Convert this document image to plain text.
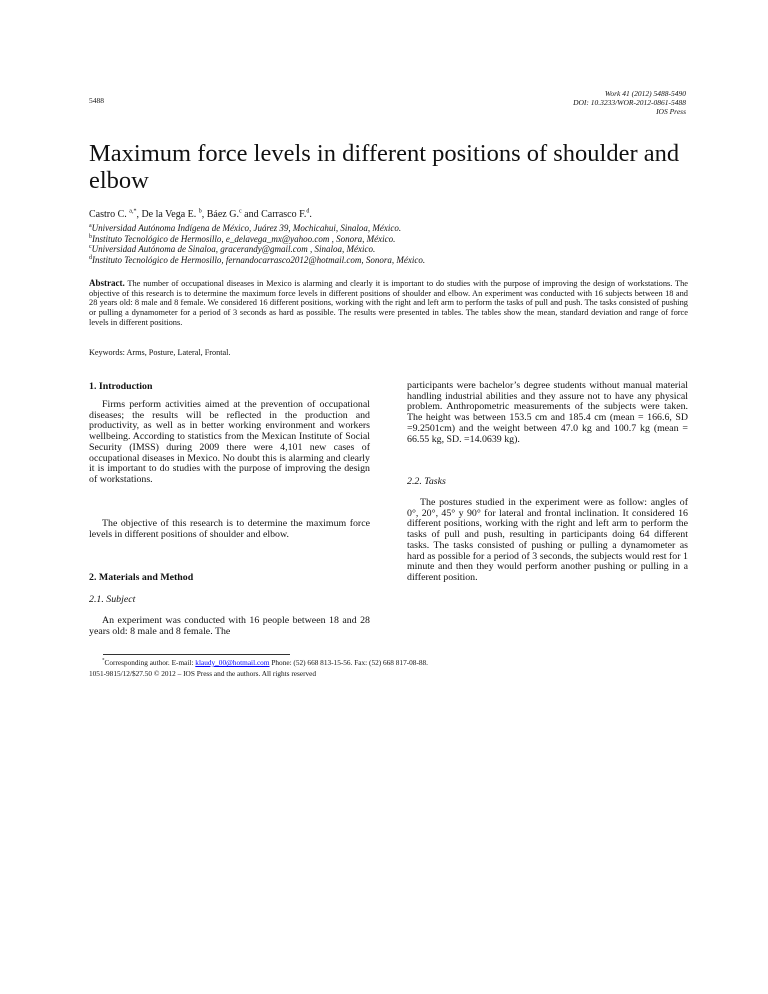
5488
Work 41 (2012) 5488-5490
DOI: 10.3233/WOR-2012-0861-5488
IOS Press
Maximum force levels in different positions of shoulder and elbow
Castro C. $^{a,*}$, De la Vega E. $^b$, Báez G.$^c$ and Carrasco F.$^d$.
$^a$Universidad Autónoma Indígena de México, Juárez 39, Mochicahui, Sinaloa, México.
$^b$Instituto Tecnológico de Hermosillo, e_delavega_mx@yahoo.com , Sonora, México.
$^c$Universidad Autónoma de Sinaloa, gracerandy@gmail.com , Sinaloa, México.
$^d$Instituto Tecnológico de Hermosillo, fernandocarrasco2012@hotmail.com, Sonora, México.
Abstract. The number of occupational diseases in Mexico is alarming and clearly it is important to do studies with the purpose of improving the design of workstations. The objective of this research is to determine the maximum force levels in different positions of shoulder and elbow. An experiment was conducted with 16 subjects between 18 and 28 years old: 8 male and 8 female. We considered 16 different positions, working with the right and left arm to perform the tasks of pull and push. The tasks consisted of pushing or pulling a dynamometer for a period of 3 seconds as hard as possible. The results were presented in tables. The tables show the mean, standard deviation and range of force levels in different positions.
Keywords: Arms, Posture, Lateral, Frontal.
1. Introduction
Firms perform activities aimed at the prevention of occupational diseases; the results will be reflected in the production and productivity, as well as in better working environment and workers wellbeing. According to statistics from the Mexican Institute of Social Security (IMSS) during 2009 there were 4,101 new cases of occupational diseases in Mexico. No doubt this is alarming and clearly it is important to do studies with the purpose of improving the design of workstations.
The objective of this research is to determine the maximum force levels in different positions of shoulder and elbow.
2. Materials and Method
2.1. Subject
An experiment was conducted with 16 people between 18 and 28 years old: 8 male and 8 female. The
participants were bachelor’s degree students without manual material handling industrial abilities and they assure not to have any physical problem. Anthropometric measurements of the subjects were taken. The height was between 153.5 cm and 185.4 cm (mean = 166.6, SD =9.2501cm) and the weight between 47.0 kg and 100.7 kg (mean = 66.55 kg, SD. =14.0639 kg).
2.2. Tasks
The postures studied in the experiment were as follow: angles of 0°, 20°, 45° y 90° for lateral and frontal inclination. It considered 16 different positions, working with the right and left arm to perform the tasks of pull and push, resulting in participants doing 64 different tasks. The tasks consisted of pushing or pulling a dynamometer as hard as possible for a period of 3 seconds, the subjects would rest for 1 minute and then they would perform another pushing or pulling in a different position.
*Corresponding author. E-mail: klaudy_00@hotmail.com Phone: (52) 668 813-15-56. Fax: (52) 668 817-08-88.
1051-9815/12/$27.50 © 2012 – IOS Press and the authors. All rights reserved
